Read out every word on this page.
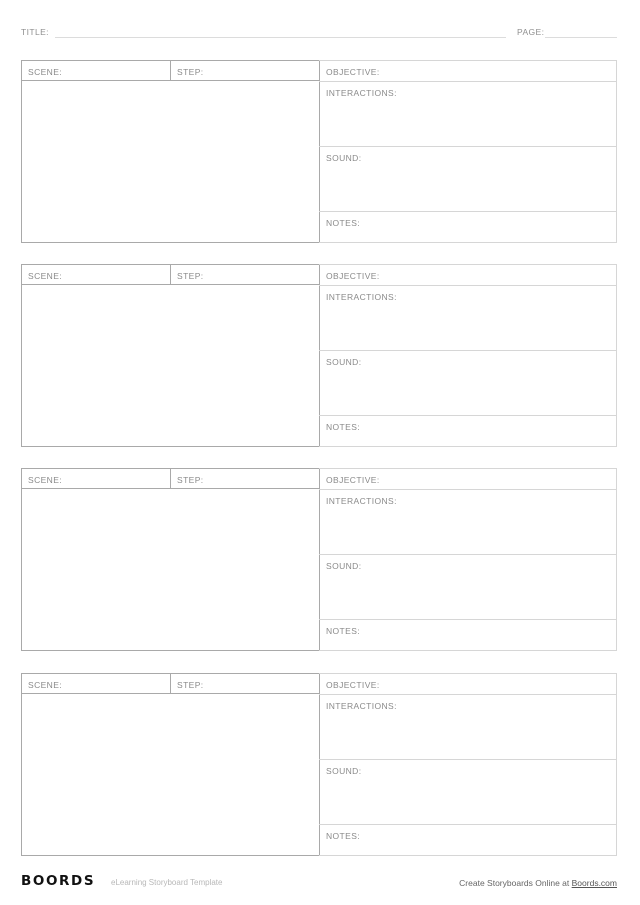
TITLE:	PAGE:
SCENE:	STEP:	OBJECTIVE:
INTERACTIONS:
SOUND:
NOTES:
SCENE:	STEP:	OBJECTIVE:
INTERACTIONS:
SOUND:
NOTES:
SCENE:	STEP:	OBJECTIVE:
INTERACTIONS:
SOUND:
NOTES:
SCENE:	STEP:	OBJECTIVE:
INTERACTIONS:
SOUND:
NOTES:
BOORDS eLearning Storyboard Template	Create Storyboards Online at Boords.com
